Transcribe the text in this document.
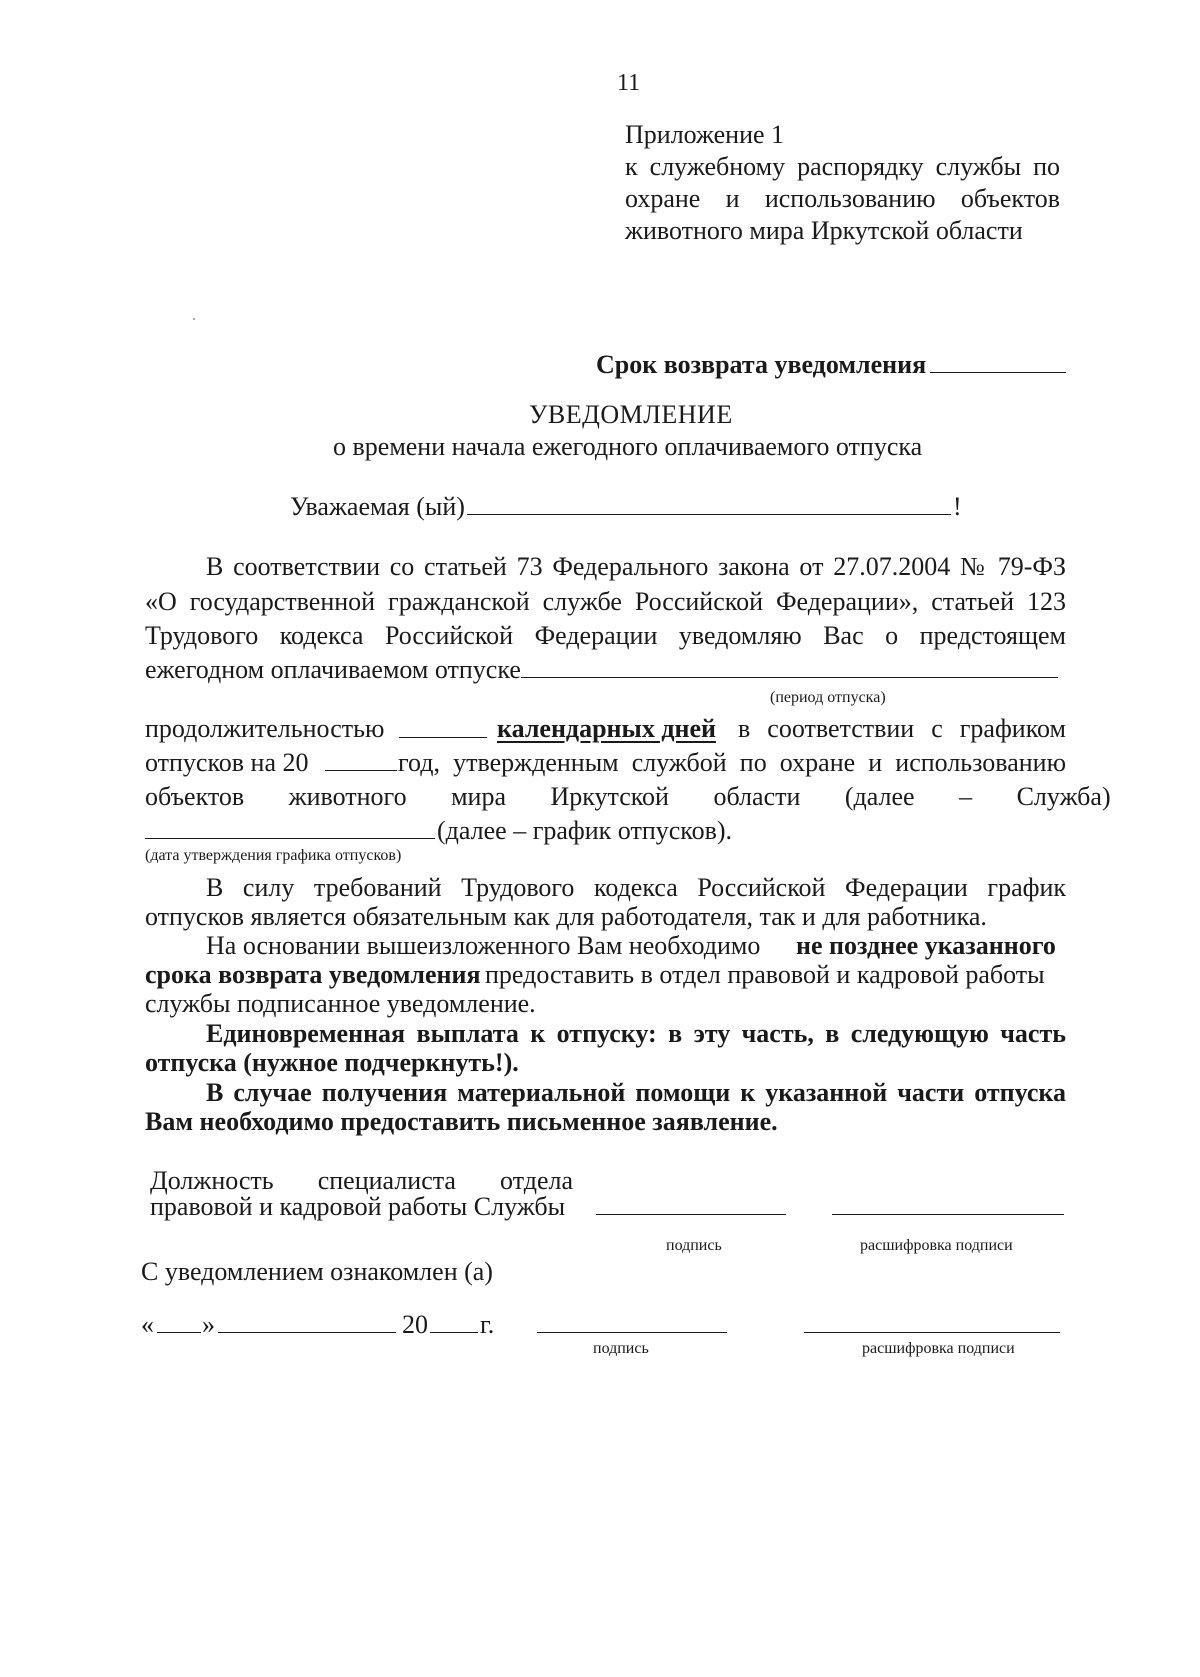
11
Приложение 1
к служебному распорядку службы по
охране и использованию объектов
животного мира Иркутской области
Срок возврата уведомления
УВЕДОМЛЕНИЕ
о времени начала ежегодного оплачиваемого отпуска
Уважаемая (ый)	!
В соответствии со статьей 73 Федерального закона от 27.07.2004 № 79-ФЗ
«О государственной гражданской службе Российской Федерации», статьей 123
Трудового кодекса Российской Федерации уведомляю Вас о предстоящем
ежегодном оплачиваемом отпуске
(период отпуска)
продолжительностью	календарных дней в соответствии с графиком
отпусков на 20	год, утвержденным службой по охране и использованию
объектов животного мира Иркутской области (далее – Служба)
(далее – график отпусков).
(дата утверждения графика отпусков)
В силу требований Трудового кодекса Российской Федерации график
отпусков является обязательным как для работодателя, так и для работника.
На основании вышеизложенного Вам необходимо не позднее указанного
срока возврата уведомления предоставить в отдел правовой и кадровой работы
службы подписанное уведомление.
Единовременная выплата к отпуску: в эту часть, в следующую часть
отпуска (нужное подчеркнуть!).
В случае получения материальной помощи к указанной части отпуска
Вам необходимо предоставить письменное заявление.
Должность специалиста отдела
правовой и кадровой работы Службы
подпись	расшифровка подписи
С уведомлением ознакомлен (а)
« »	20 г.
подпись	расшифровка подписи
